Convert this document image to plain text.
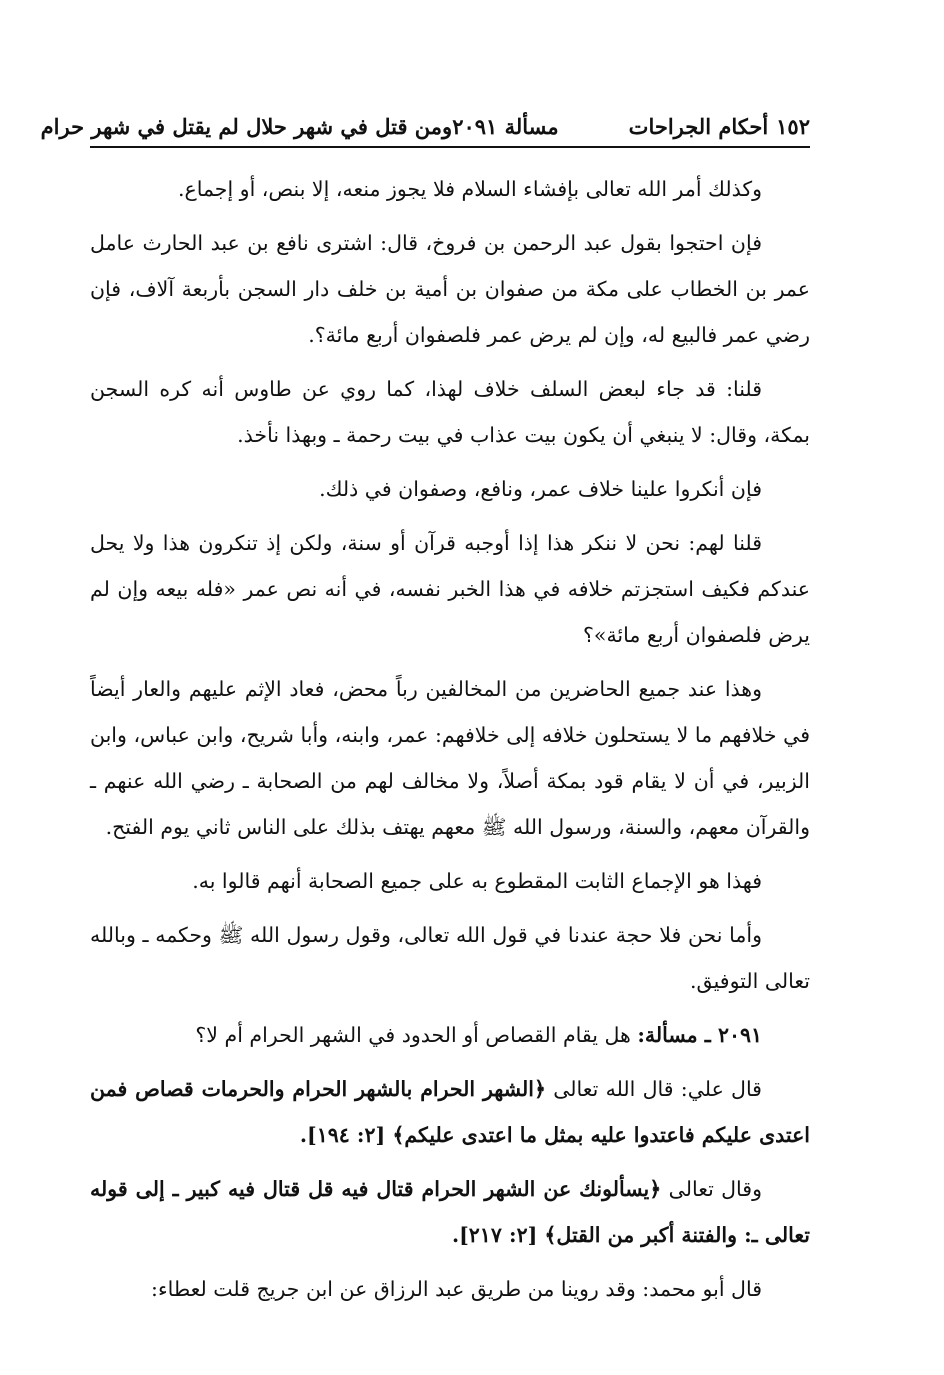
١٥٢
أحكام الجراحات
مسألة ٢٠٩١
ومن قتل في شهر حلال لم يقتل في شهر حرام

وكذلك أمر الله تعالى بإفشاء السلام فلا يجوز منعه، إلا بنص، أو إجماع.

فإن احتجوا بقول عبد الرحمن بن فروخ، قال: اشترى نافع بن عبد الحارث عامل عمر بن الخطاب على مكة من صفوان بن أمية بن خلف دار السجن بأربعة آلاف، فإن رضي عمر فالبيع له، وإن لم يرض عمر فلصفوان أربع مائة؟.

قلنا: قد جاء لبعض السلف خلاف لهذا، كما روي عن طاوس أنه كره السجن بمكة، وقال: لا ينبغي أن يكون بيت عذاب في بيت رحمة ـ وبهذا نأخذ.

فإن أنكروا علينا خلاف عمر، ونافع، وصفوان في ذلك.

قلنا لهم: نحن لا ننكر هذا إذا أوجبه قرآن أو سنة، ولكن إذ تنكرون هذا ولا يحل عندكم فكيف استجزتم خلافه في هذا الخبر نفسه، في أنه نص عمر «فله بيعه وإن لم يرض فلصفوان أربع مائة»؟

وهذا عند جميع الحاضرين من المخالفين رباً محض، فعاد الإثم عليهم والعار أيضاً في خلافهم ما لا يستحلون خلافه إلى خلافهم: عمر، وابنه، وأبا شريح، وابن عباس، وابن الزبير، في أن لا يقام قود بمكة أصلاً، ولا مخالف لهم من الصحابة ـ رضي الله عنهم ـ والقرآن معهم، والسنة، ورسول الله ﷺ معهم يهتف بذلك على الناس ثاني يوم الفتح.

فهذا هو الإجماع الثابت المقطوع به على جميع الصحابة أنهم قالوا به.

وأما نحن فلا حجة عندنا في قول الله تعالى، وقول رسول الله ﷺ وحكمه ـ وبالله تعالى التوفيق.

٢٠٩١ ـ مسألة: هل يقام القصاص أو الحدود في الشهر الحرام أم لا؟

قال علي: قال الله تعالى ﴿الشهر الحرام بالشهر الحرام والحرمات قصاص فمن اعتدى عليكم فاعتدوا عليه بمثل ما اعتدى عليكم﴾ [٢: ١٩٤].

وقال تعالى ﴿يسألونك عن الشهر الحرام قتال فيه قل قتال فيه كبير ـ إلى قوله تعالى ـ: والفتنة أكبر من القتل﴾ [٢: ٢١٧].

قال أبو محمد: وقد روينا من طريق عبد الرزاق عن ابن جريج قلت لعطاء:
